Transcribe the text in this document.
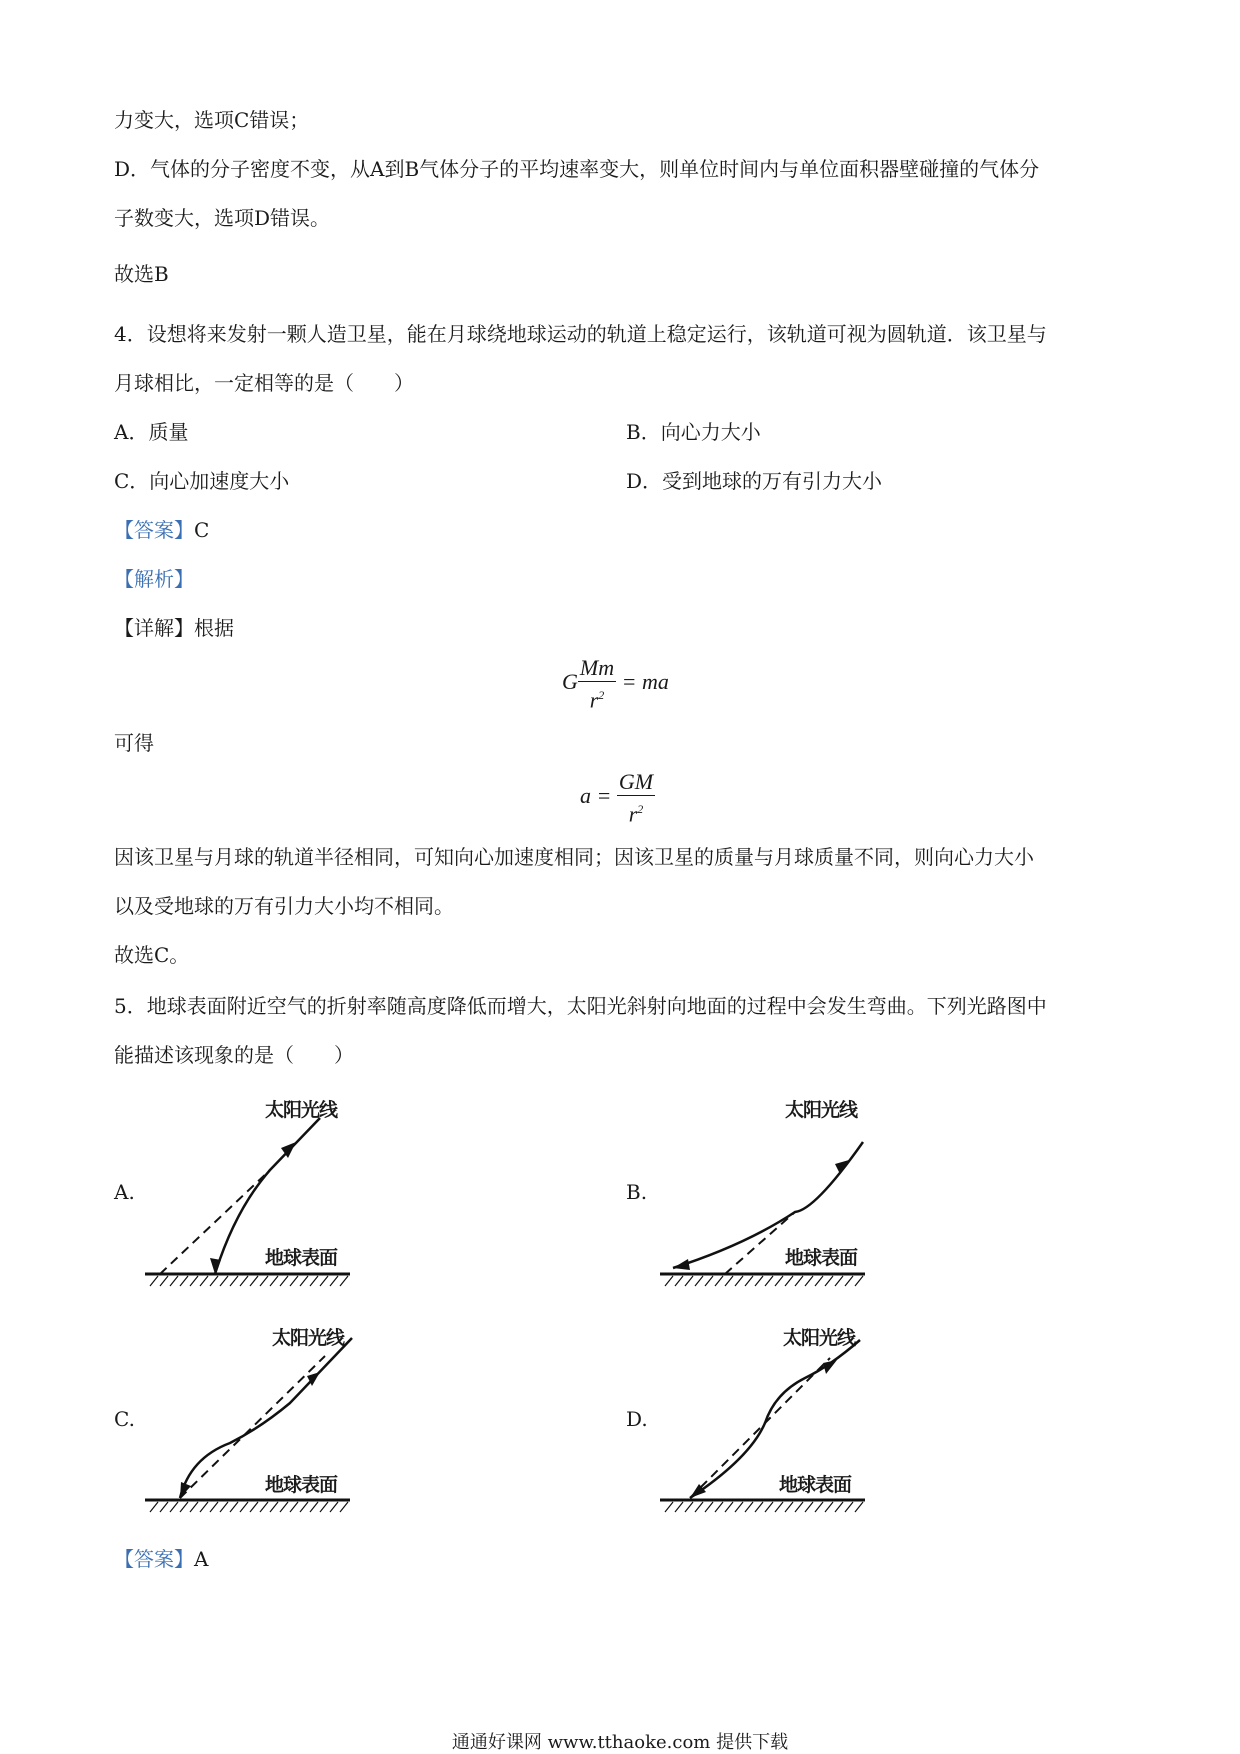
力变大，选项C错误；
D．气体的分子密度不变，从A到B气体分子的平均速率变大，则单位时间内与单位面积器壁碰撞的气体分
子数变大，选项D错误。
故选B
4．设想将来发射一颗人造卫星，能在月球绕地球运动的轨道上稳定运行，该轨道可视为圆轨道．该卫星与
月球相比，一定相等的是（　　）
A．质量	B．向心力大小
C．向心加速度大小	D．受到地球的万有引力大小
【答案】C
【解析】
【详解】根据
G $\frac{Mm}{r^2}$ = ma
可得
$a = \frac{GM}{r^2}$
因该卫星与月球的轨道半径相同，可知向心加速度相同；因该卫星的质量与月球质量不同，则向心力大小
以及受地球的万有引力大小均不相同。
故选C。
5．地球表面附近空气的折射率随高度降低而增大，太阳光斜射向地面的过程中会发生弯曲。下列光路图中
能描述该现象的是（　　）
A.
太阳光线
地球表面
B.
太阳光线
地球表面
C.
太阳光线
地球表面
D.
太阳光线
地球表面
【答案】A
通通好课网 www.tthaoke.com 提供下载
